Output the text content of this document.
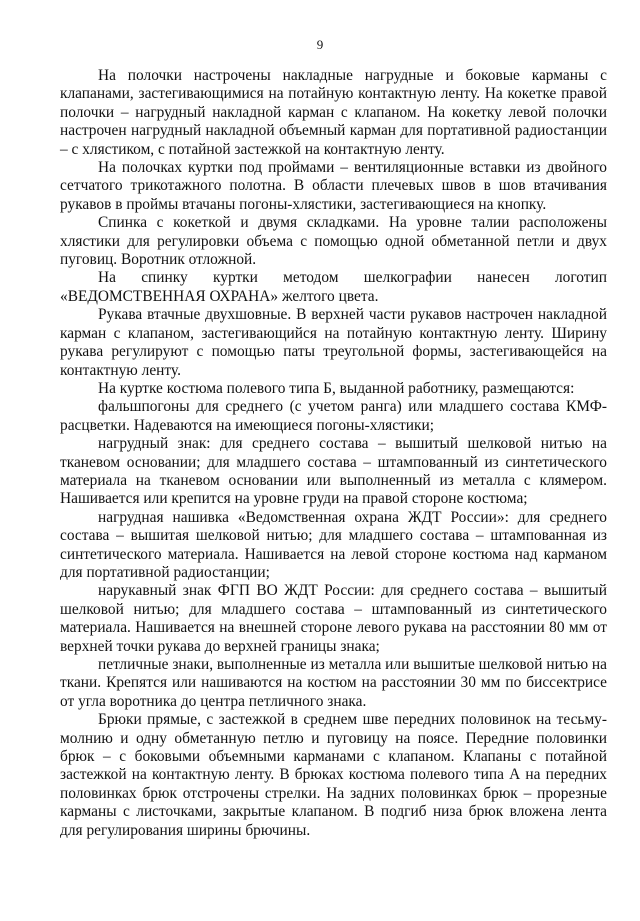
9

На полочки настрочены накладные нагрудные и боковые карманы с клапанами, застегивающимися на потайную контактную ленту. На кокетке правой полочки – нагрудный накладной карман с клапаном. На кокетку левой полочки настрочен нагрудный накладной объемный карман для портативной радиостанции – с хлястиком, с потайной застежкой на контактную ленту.

На полочках куртки под проймами – вентиляционные вставки из двойного сетчатого трикотажного полотна. В области плечевых швов в шов втачивания рукавов в проймы втачаны погоны-хлястики, застегивающиеся на кнопку.

Спинка с кокеткой и двумя складками. На уровне талии расположены хлястики для регулировки объема с помощью одной обметанной петли и двух пуговиц. Воротник отложной.

На спинку куртки методом шелкографии нанесен логотип «ВЕДОМСТВЕННАЯ ОХРАНА» желтого цвета.

Рукава втачные двухшовные. В верхней части рукавов настрочен накладной карман с клапаном, застегивающийся на потайную контактную ленту. Ширину рукава регулируют с помощью паты треугольной формы, застегивающейся на контактную ленту.

На куртке костюма полевого типа Б, выданной работнику, размещаются:

фальшпогоны для среднего (с учетом ранга) или младшего состава КМФ-расцветки. Надеваются на имеющиеся погоны-хлястики;

нагрудный знак: для среднего состава – вышитый шелковой нитью на тканевом основании; для младшего состава – штампованный из синтетического материала на тканевом основании или выполненный из металла с клямером. Нашивается или крепится на уровне груди на правой стороне костюма;

нагрудная нашивка «Ведомственная охрана ЖДТ России»: для среднего состава – вышитая шелковой нитью; для младшего состава – штампованная из синтетического материала. Нашивается на левой стороне костюма над карманом для портативной радиостанции;

нарукавный знак ФГП ВО ЖДТ России: для среднего состава – вышитый шелковой нитью; для младшего состава – штампованный из синтетического материала. Нашивается на внешней стороне левого рукава на расстоянии 80 мм от верхней точки рукава до верхней границы знака;

петличные знаки, выполненные из металла или вышитые шелковой нитью на ткани. Крепятся или нашиваются на костюм на расстоянии 30 мм по биссектрисе от угла воротника до центра петличного знака.

Брюки прямые, с застежкой в среднем шве передних половинок на тесьму-молнию и одну обметанную петлю и пуговицу на поясе. Передние половинки брюк – с боковыми объемными карманами с клапаном. Клапаны с потайной застежкой на контактную ленту. В брюках костюма полевого типа А на передних половинках брюк отстрочены стрелки. На задних половинках брюк – прорезные карманы с листочками, закрытые клапаном. В подгиб низа брюк вложена лента для регулирования ширины брючины.
